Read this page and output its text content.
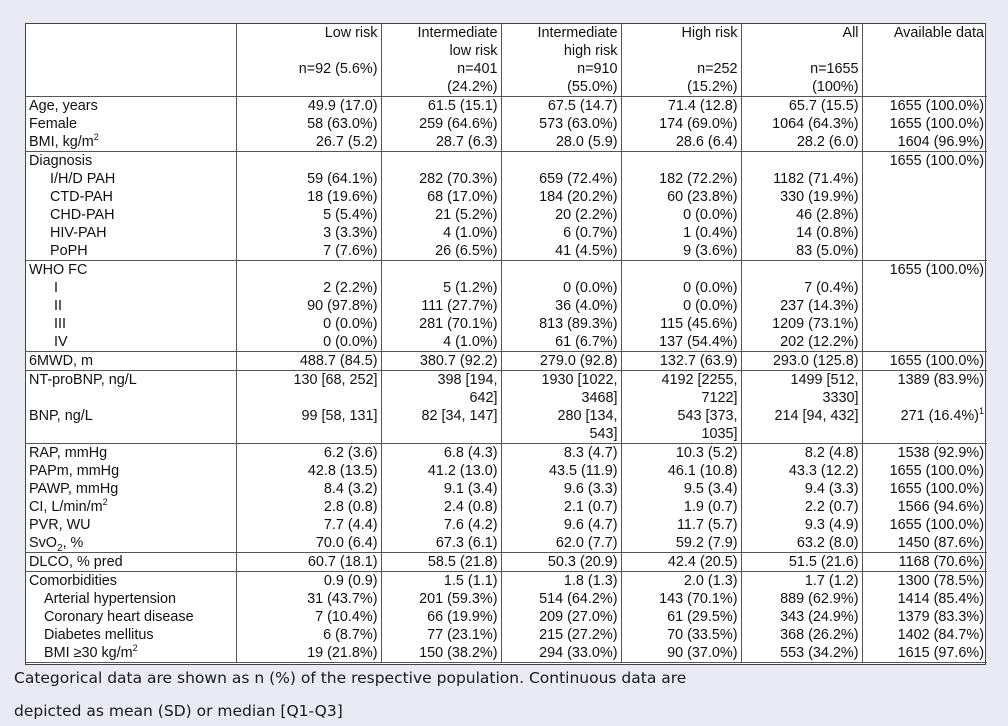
	Low risk	Intermediate	Intermediate	High risk	All	Available data
		low risk	high risk			
	n=92 (5.6%)	n=401	n=910	n=252	n=1655	
		(24.2%)	(55.0%)	(15.2%)	(100%)	
Age, years	49.9 (17.0)	61.5 (15.1)	67.5 (14.7)	71.4 (12.8)	65.7 (15.5)	1655 (100.0%)
Female	58 (63.0%)	259 (64.6%)	573 (63.0%)	174 (69.0%)	1064 (64.3%)	1655 (100.0%)
BMI, $kg/m^2$	26.7 (5.2)	28.7 (6.3)	28.0 (5.9)	28.6 (6.4)	28.2 (6.0)	1604 (96.9%)
Diagnosis						1655 (100.0%)
I/H/D PAH	59 (64.1%)	282 (70.3%)	659 (72.4%)	182 (72.2%)	1182 (71.4%)	
CTD-PAH	18 (19.6%)	68 (17.0%)	184 (20.2%)	60 (23.8%)	330 (19.9%)	
CHD-PAH	5 (5.4%)	21 (5.2%)	20 (2.2%)	0 (0.0%)	46 (2.8%)	
HIV-PAH	3 (3.3%)	4 (1.0%)	6 (0.7%)	1 (0.4%)	14 (0.8%)	
PoPH	7 (7.6%)	26 (6.5%)	41 (4.5%)	9 (3.6%)	83 (5.0%)	
WHO FC						1655 (100.0%)
I	2 (2.2%)	5 (1.2%)	0 (0.0%)	0 (0.0%)	7 (0.4%)	
II	90 (97.8%)	111 (27.7%)	36 (4.0%)	0 (0.0%)	237 (14.3%)	
III	0 (0.0%)	281 (70.1%)	813 (89.3%)	115 (45.6%)	1209 (73.1%)	
IV	0 (0.0%)	4 (1.0%)	61 (6.7%)	137 (54.4%)	202 (12.2%)	
6MWD, m	488.7 (84.5)	380.7 (92.2)	279.0 (92.8)	132.7 (63.9)	293.0 (125.8)	1655 (100.0%)
NT-proBNP, ng/L	130 [68, 252]	398 [194,	1930 [1022,	4192 [2255,	1499 [512,	1389 (83.9%)
		642]	3468]	7122]	3330]	
BNP, ng/L	99 [58, 131]	82 [34, 147]	280 [134,	543 [373,	214 [94, 432]	271 $(16.4\%)^1$
			543]	1035]		
RAP, mmHg	6.2 (3.6)	6.8 (4.3)	8.3 (4.7)	10.3 (5.2)	8.2 (4.8)	1538 (92.9%)
PAPm, mmHg	42.8 (13.5)	41.2 (13.0)	43.5 (11.9)	46.1 (10.8)	43.3 (12.2)	1655 (100.0%)
PAWP, mmHg	8.4 (3.2)	9.1 (3.4)	9.6 (3.3)	9.5 (3.4)	9.4 (3.3)	1655 (100.0%)
CI, $L/\min/m^2$	2.8 (0.8)	2.4 (0.8)	2.1 (0.7)	1.9 (0.7)	2.2 (0.7)	1566 (94.6%)
PVR, WU	7.7 (4.4)	7.6 (4.2)	9.6 (4.7)	11.7 (5.7)	9.3 (4.9)	1655 (100.0%)
SvO$_2$, %	70.0 (6.4)	67.3 (6.1)	62.0 (7.7)	59.2 (7.9)	63.2 (8.0)	1450 (87.6%)
DLCO, % pred	60.7 (18.1)	58.5 (21.8)	50.3 (20.9)	42.4 (20.5)	51.5 (21.6)	1168 (70.6%)
Comorbidities	0.9 (0.9)	1.5 (1.1)	1.8 (1.3)	2.0 (1.3)	1.7 (1.2)	1300 (78.5%)
Arterial hypertension	31 (43.7%)	201 (59.3%)	514 (64.2%)	143 (70.1%)	889 (62.9%)	1414 (85.4%)
Coronary heart disease	7 (10.4%)	66 (19.9%)	209 (27.0%)	61 (29.5%)	343 (24.9%)	1379 (83.3%)
Diabetes mellitus	6 (8.7%)	77 (23.1%)	215 (27.2%)	70 (33.5%)	368 (26.2%)	1402 (84.7%)
BMI ≥30 $kg/m^2$	19 (21.8%)	150 (38.2%)	294 (33.0%)	90 (37.0%)	553 (34.2%)	1615 (97.6%)
Categorical data are shown as n (%) of the respective population. Continuous data are
depicted as mean (SD) or median [Q1-Q3]
